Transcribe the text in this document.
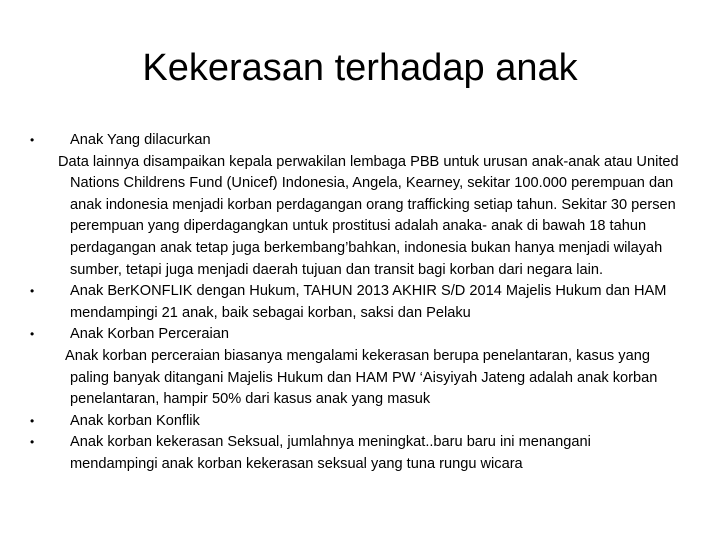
Kekerasan terhadap anak
• Anak Yang dilacurkan
Data lainnya disampaikan kepala perwakilan lembaga PBB untuk urusan anak-anak atau United Nations Childrens Fund (Unicef) Indonesia, Angela, Kearney, sekitar 100.000 perempuan dan anak indonesia menjadi korban perdagangan orang trafficking setiap tahun. Sekitar 30 persen perempuan yang diperdagangkan untuk prostitusi adalah anaka- anak di bawah 18 tahun perdagangan anak tetap juga berkembang’bahkan, indonesia bukan hanya menjadi wilayah sumber, tetapi juga menjadi daerah tujuan dan transit bagi korban dari negara lain.
• Anak BerKONFLIK dengan Hukum, TAHUN 2013 AKHIR S/D 2014 Majelis Hukum dan HAM mendampingi 21 anak, baik sebagai korban, saksi dan Pelaku
• Anak Korban Perceraian
Anak korban perceraian biasanya mengalami kekerasan berupa penelantaran, kasus yang paling banyak ditangani Majelis Hukum dan HAM PW ‘Aisyiyah Jateng adalah anak korban penelantaran, hampir 50% dari kasus anak yang masuk
• Anak korban Konflik
• Anak korban kekerasan Seksual, jumlahnya meningkat..baru baru ini menangani mendampingi anak korban kekerasan seksual yang tuna rungu wicara
